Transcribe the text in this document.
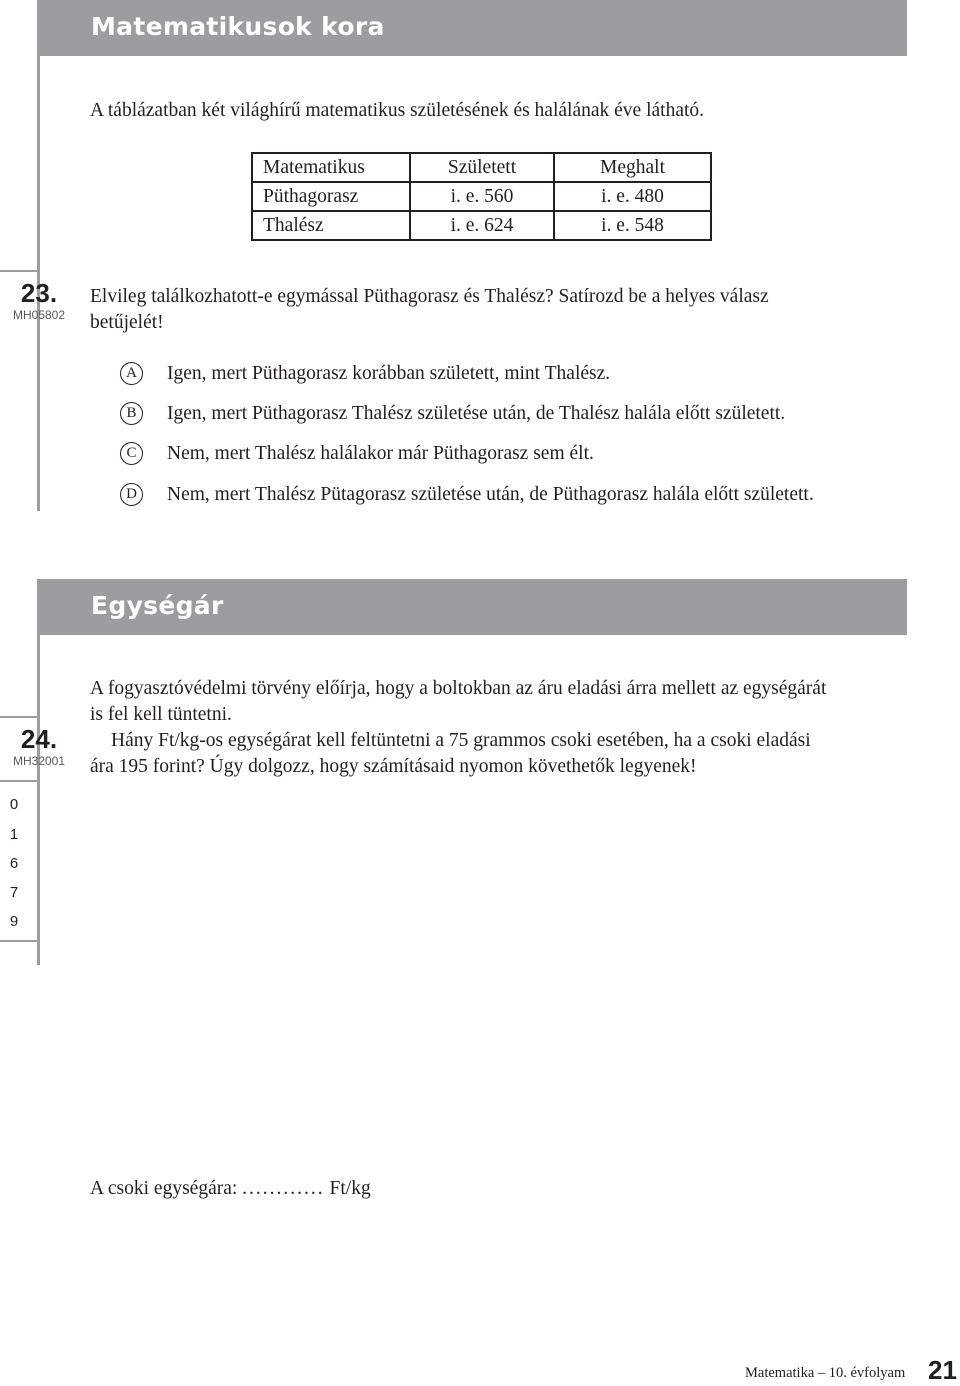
Matematikusok kora
A táblázatban két világhírű matematikus születésének és halálának éve látható.
Matematikus	Született	Meghalt
Püthagorasz	i. e. 560	i. e. 480
Thalész	i. e. 624	i. e. 548
23.
MH05802
Elvileg találkozhatott-e egymással Püthagorasz és Thalész? Satírozd be a helyes válasz
betűjelét!
A	Igen, mert Püthagorasz korábban született, mint Thalész.
B	Igen, mert Püthagorasz Thalész születése után, de Thalész halála előtt született.
C	Nem, mert Thalész halálakor már Püthagorasz sem élt.
D	Nem, mert Thalész Pütagorasz születése után, de Püthagorasz halála előtt született.
Egységár
24.
MH32001
0
1
6
7
9
A fogyasztóvédelmi törvény előírja, hogy a boltokban az áru eladási árra mellett az egységárát
is fel kell tüntetni.
Hány Ft/kg-os egységárat kell feltüntetni a 75 grammos csoki esetében, ha a csoki eladási
ára 195 forint? Úgy dolgozz, hogy számításaid nyomon követhetők legyenek!
A csoki egységára: ............ Ft/kg
Matematika – 10. évfolyam 21
